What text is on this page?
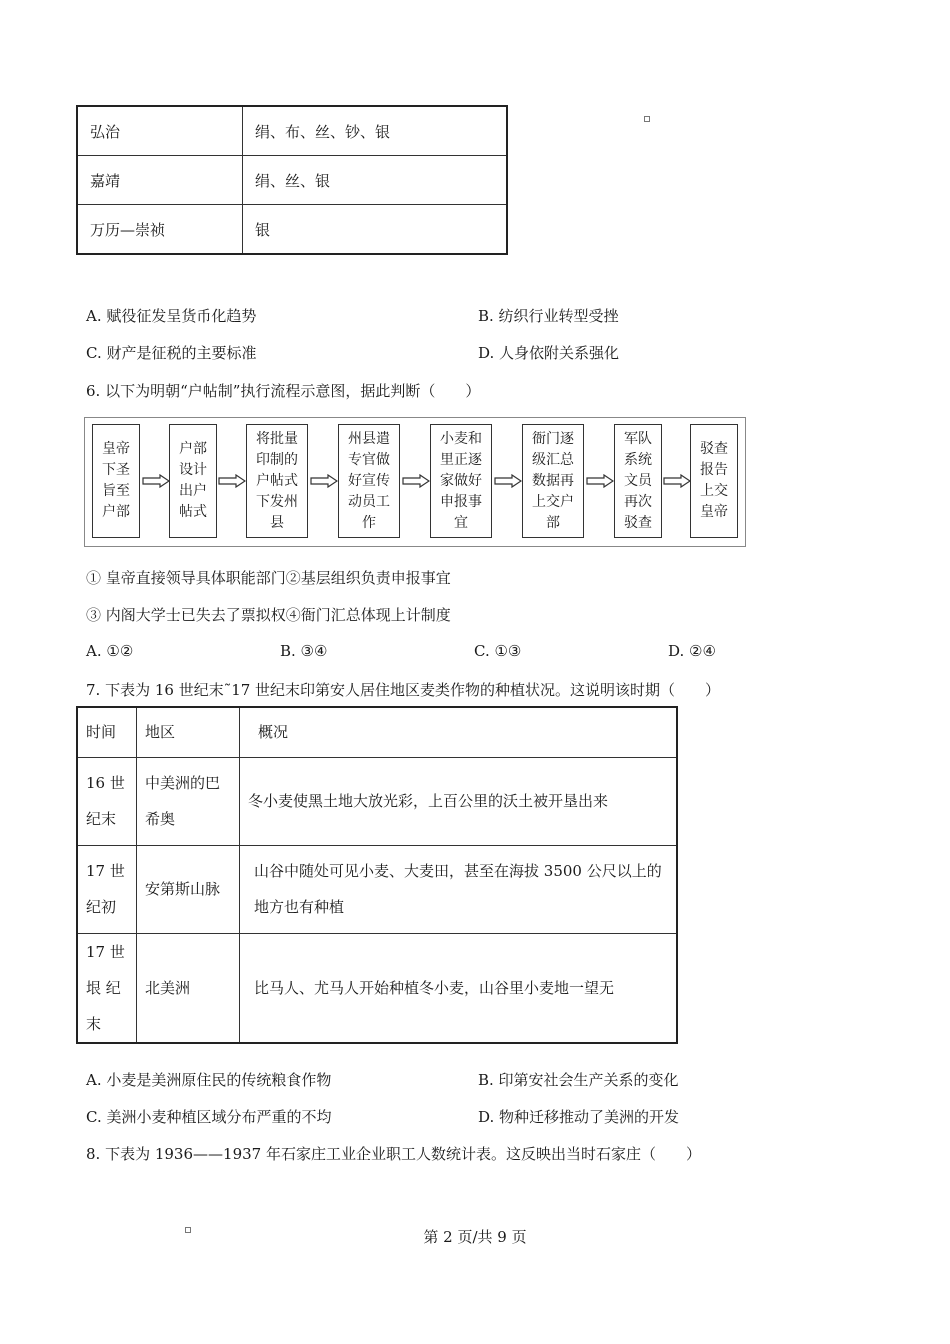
弘治	绢、布、丝、钞、银
嘉靖	绢、丝、银
万历—崇祯	银
A. 赋役征发呈货币化趋势	B. 纺织行业转型受挫
C. 财产是征税的主要标准	D. 人身依附关系强化
6. 以下为明朝“户帖制”执行流程示意图，据此判断（　　）
皇帝下圣旨至户部
户部设计出户帖式
将批量印制的户帖式下发州县
州县遣专官做好宣传动员工作
小麦和里正逐家做好申报事宜
衙门逐级汇总数据再上交户部
军队系统文员再次驳查
驳查报告上交皇帝
① 皇帝直接领导具体职能部门②基层组织负责申报事宜
③ 内阁大学士已失去了票拟权④衙门汇总体现上计制度
A. ①②	B. ③④	C. ①③	D. ②④
7. 下表为 16 世纪末˜17 世纪末印第安人居住地区麦类作物的种植状况。这说明该时期（　　）
时间	地区	概况
16 世纪末	中美洲的巴希奥	冬小麦使黑土地大放光彩，上百公里的沃土被开垦出来
17 世纪初	安第斯山脉	山谷中随处可见小麦、大麦田，甚至在海拔 3500 公尺以上的地方也有种植
17 世垠 纪末	北美洲	比马人、尤马人开始种植冬小麦，山谷里小麦地一望无
A. 小麦是美洲原住民的传统粮食作物	B. 印第安社会生产关系的变化
C. 美洲小麦种植区域分布严重的不均	D. 物种迁移推动了美洲的开发
8. 下表为 1936——1937 年石家庄工业企业职工人数统计表。这反映出当时石家庄（　　）
第 2 页/共 9 页
